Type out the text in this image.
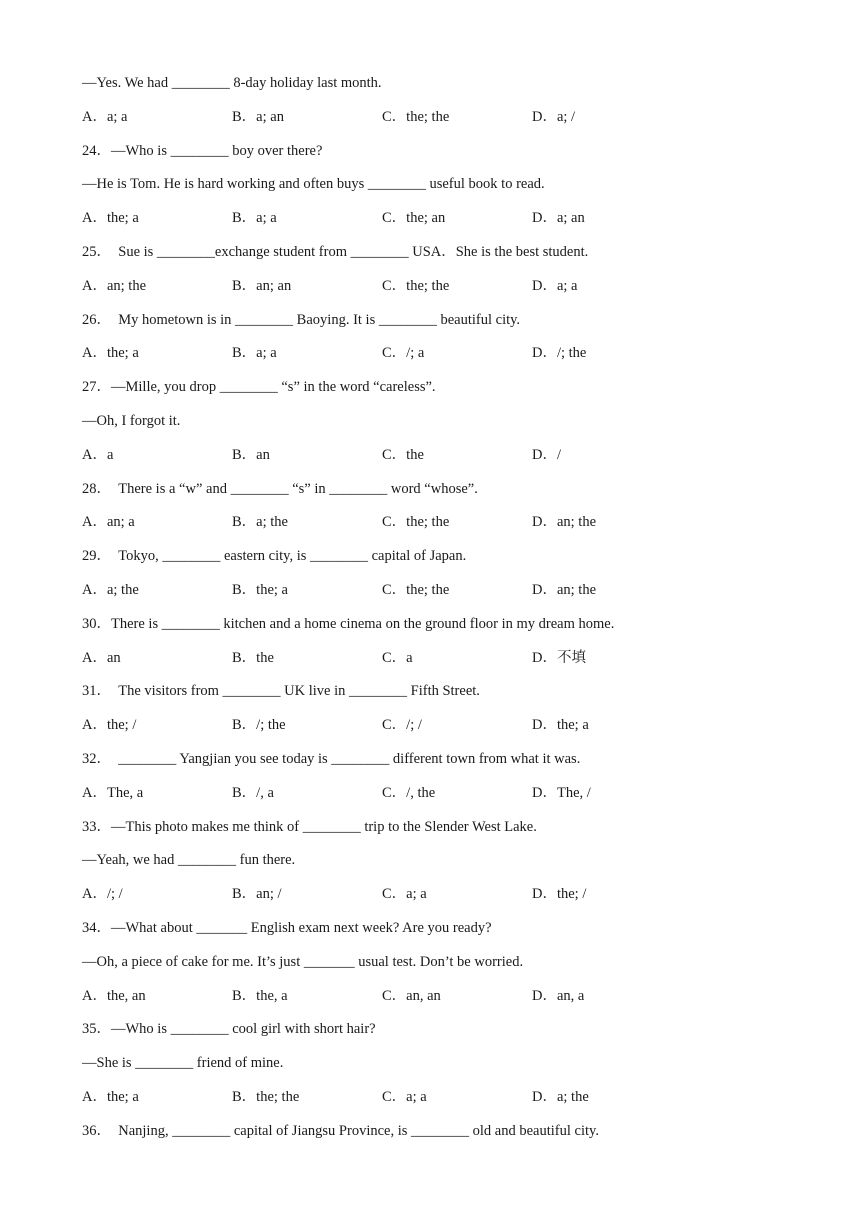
—Yes. We had ________ 8-day holiday last month.
A．a; a	B．a; an	C．the; the	D．a; /
24．—Who is ________ boy over there?
—He is Tom. He is hard working and often buys ________ useful book to read.
A．the; a	B．a; a	C．the; an	D．a; an
25．　Sue is ________exchange student from ________ USA．She is the best student.
A．an; the	B．an; an	C．the; the	D．a; a
26．　My hometown is in ________ Baoying. It is ________ beautiful city.
A．the; a	B．a; a	C．/; a	D．/; the
27．—Mille, you drop ________ “s” in the word “careless”.
—Oh, I forgot it.
A．a	B．an	C．the	D．/
28．　There is a “w” and ________ “s” in ________ word “whose”.
A．an; a	B．a; the	C．the; the	D．an; the
29．　Tokyo, ________ eastern city, is ________ capital of Japan.
A．a; the	B．the; a	C．the; the	D．an; the
30．There is ________ kitchen and a home cinema on the ground floor in my dream home.
A．an	B．the	C．a	D．不填
31．　The visitors from ________ UK live in ________ Fifth Street.
A．the; /	B．/; the	C．/; /	D．the; a
32．　________ Yangjian you see today is ________ different town from what it was.
A．The, a	B．/, a	C．/, the	D．The, /
33．—This photo makes me think of ________ trip to the Slender West Lake.
—Yeah, we had ________ fun there.
A．/; /	B．an; /	C．a; a	D．the; /
34．—What about _______ English exam next week? Are you ready?
—Oh, a piece of cake for me. It’s just _______ usual test. Don’t be worried.
A．the, an	B．the, a	C．an, an	D．an, a
35．—Who is ________ cool girl with short hair?
—She is ________ friend of mine.
A．the; a	B．the; the	C．a; a	D．a; the
36．　Nanjing, ________ capital of Jiangsu Province, is ________ old and beautiful city.
